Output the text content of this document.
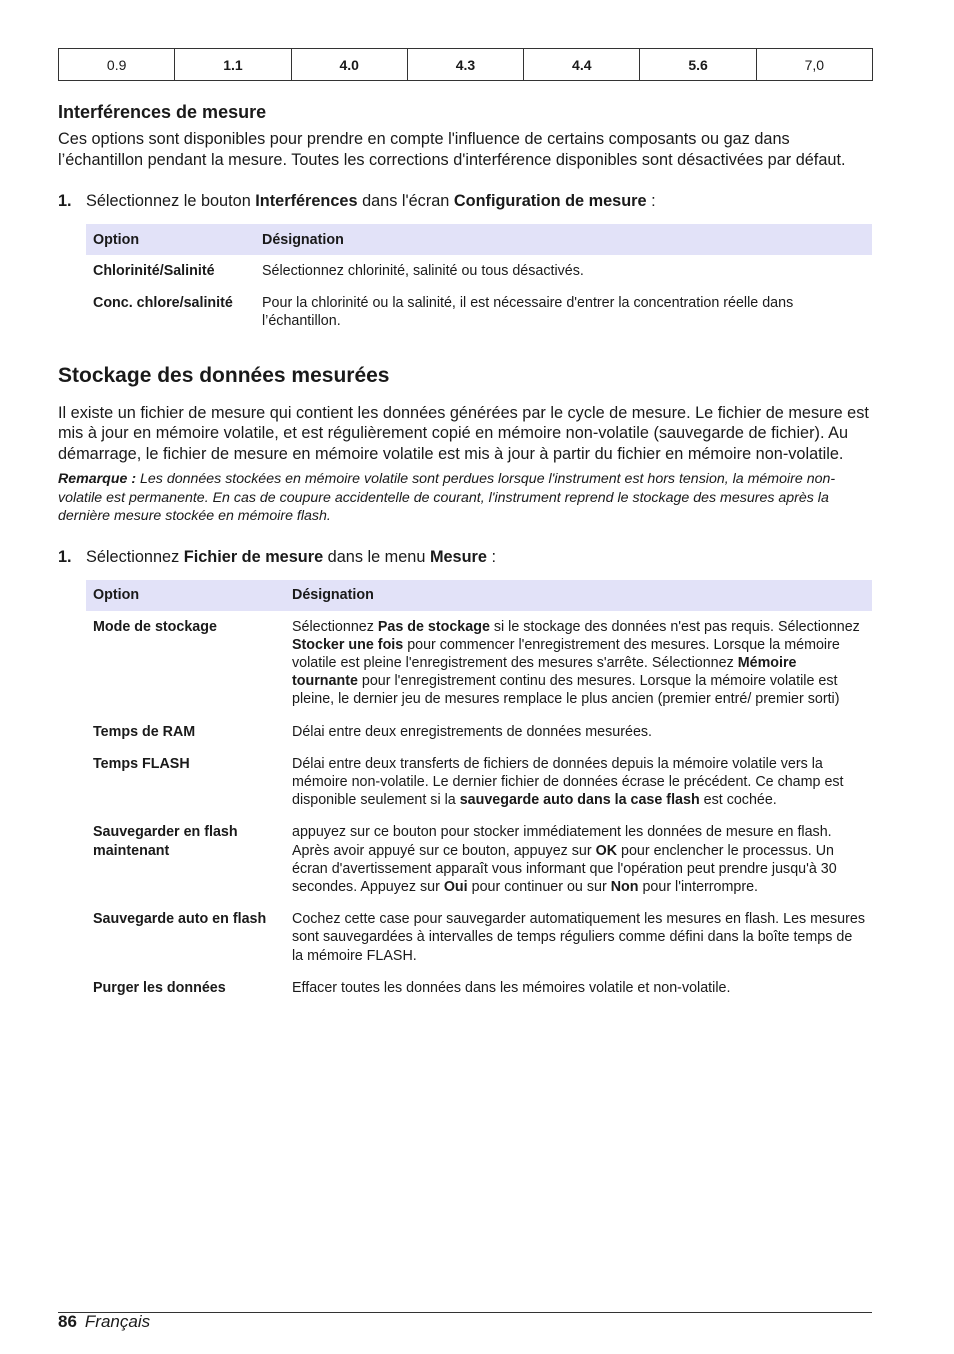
0.9	1.1	4.0	4.3	4.4	5.6	7,0
Interférences de mesure

Ces options sont disponibles pour prendre en compte l'influence de certains composants ou gaz dans l’échantillon pendant la mesure. Toutes les corrections d'interférence disponibles sont désactivées par défaut.

1. Sélectionnez le bouton Interférences dans l'écran Configuration de mesure :
Option	Désignation
Chlorinité/Salinité	Sélectionnez chlorinité, salinité ou tous désactivés.
Conc. chlore/salinité	Pour la chlorinité ou la salinité, il est nécessaire d'entrer la concentration réelle dans l’échantillon.
Stockage des données mesurées

Il existe un fichier de mesure qui contient les données générées par le cycle de mesure. Le fichier de mesure est mis à jour en mémoire volatile, et est régulièrement copié en mémoire non-volatile (sauvegarde de fichier). Au démarrage, le fichier de mesure en mémoire volatile est mis à jour à partir du fichier en mémoire non-volatile.

Remarque : Les données stockées en mémoire volatile sont perdues lorsque l'instrument est hors tension, la mémoire non-volatile est permanente. En cas de coupure accidentelle de courant, l'instrument reprend le stockage des mesures après la dernière mesure stockée en mémoire flash.

1. Sélectionnez Fichier de mesure dans le menu Mesure :
Option	Désignation
Mode de stockage	Sélectionnez Pas de stockage si le stockage des données n'est pas requis. Sélectionnez Stocker une fois pour commencer l'enregistrement des mesures. Lorsque la mémoire volatile est pleine l'enregistrement des mesures s'arrête. Sélectionnez Mémoire tournante pour l'enregistrement continu des mesures. Lorsque la mémoire volatile est pleine, le dernier jeu de mesures remplace le plus ancien (premier entré/ premier sorti)
Temps de RAM	Délai entre deux enregistrements de données mesurées.
Temps FLASH	Délai entre deux transferts de fichiers de données depuis la mémoire volatile vers la mémoire non-volatile. Le dernier fichier de données écrase le précédent. Ce champ est disponible seulement si la sauvegarde auto dans la case flash est cochée.
Sauvegarder en flash maintenant	appuyez sur ce bouton pour stocker immédiatement les données de mesure en flash. Après avoir appuyé sur ce bouton, appuyez sur OK pour enclencher le processus. Un écran d'avertissement apparaît vous informant que l'opération peut prendre jusqu'à 30 secondes. Appuyez sur Oui pour continuer ou sur Non pour l'interrompre.
Sauvegarde auto en flash	Cochez cette case pour sauvegarder automatiquement les mesures en flash. Les mesures sont sauvegardées à intervalles de temps réguliers comme défini dans la boîte temps de la mémoire FLASH.
Purger les données	Effacer toutes les données dans les mémoires volatile et non-volatile.
86 Français
